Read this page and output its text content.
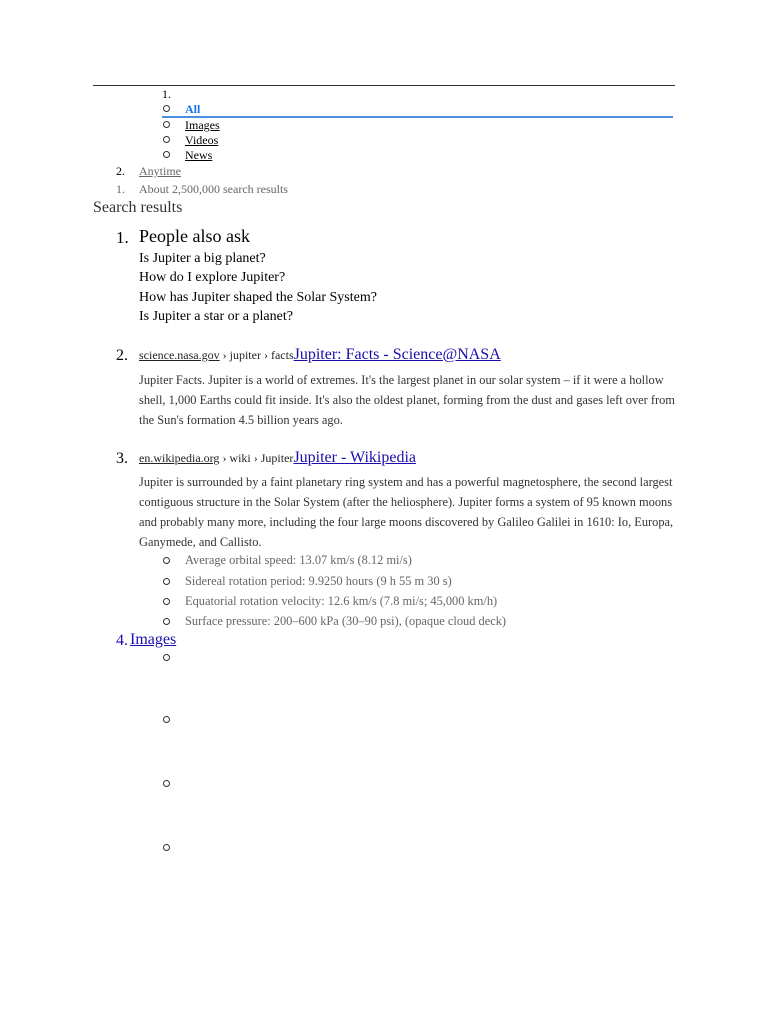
1.
All
Images
Videos
News
2. Anytime
1. About 2,500,000 search results
Search results
1. People also ask
Is Jupiter a big planet?
How do I explore Jupiter?
How has Jupiter shaped the Solar System?
Is Jupiter a star or a planet?
2. science.nasa.gov › jupiter › factsJupiter: Facts - Science@NASA
Jupiter Facts. Jupiter is a world of extremes. It's the largest planet in our solar system – if it were a hollow shell, 1,000 Earths could fit inside. It's also the oldest planet, forming from the dust and gases left over from the Sun's formation 4.5 billion years ago.
3. en.wikipedia.org › wiki › JupiterJupiter - Wikipedia
Jupiter is surrounded by a faint planetary ring system and has a powerful magnetosphere, the second largest contiguous structure in the Solar System (after the heliosphere). Jupiter forms a system of 95 known moons and probably many more, including the four large moons discovered by Galileo Galilei in 1610: Io, Europa, Ganymede, and Callisto.
Average orbital speed: 13.07 km/s (8.12 mi/s)
Sidereal rotation period: 9.9250 hours (9 h 55 m 30 s)
Equatorial rotation velocity: 12.6 km/s (7.8 mi/s; 45,000 km/h)
Surface pressure: 200–600 kPa (30–90 psi), (opaque cloud deck)
4. Images
